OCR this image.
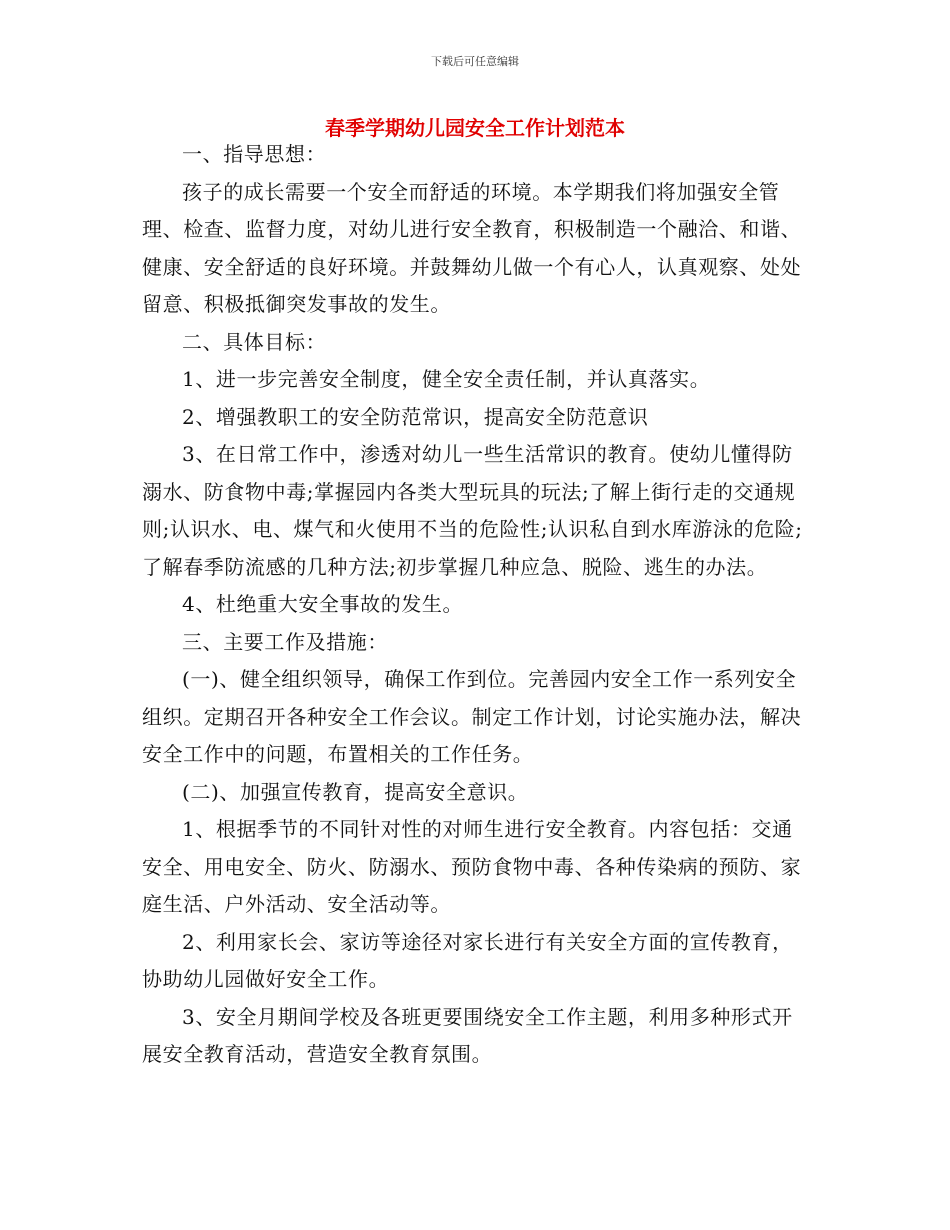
下载后可任意编辑
春季学期幼儿园安全工作计划范本

一、指导思想：

孩子的成长需要一个安全而舒适的环境。本学期我们将加强安全管理、检查、监督力度，对幼儿进行安全教育，积极制造一个融洽、和谐、健康、安全舒适的良好环境。并鼓舞幼儿做一个有心人，认真观察、处处留意、积极抵御突发事故的发生。

二、具体目标：

1、进一步完善安全制度，健全安全责任制，并认真落实。

2、增强教职工的安全防范常识，提高安全防范意识

3、在日常工作中，渗透对幼儿一些生活常识的教育。使幼儿懂得防溺水、防食物中毒;掌握园内各类大型玩具的玩法;了解上街行走的交通规则;认识水、电、煤气和火使用不当的危险性;认识私自到水库游泳的危险;了解春季防流感的几种方法;初步掌握几种应急、脱险、逃生的办法。

4、杜绝重大安全事故的发生。

三、主要工作及措施：

(一)、健全组织领导，确保工作到位。完善园内安全工作一系列安全组织。定期召开各种安全工作会议。制定工作计划，讨论实施办法，解决安全工作中的问题，布置相关的工作任务。

(二)、加强宣传教育，提高安全意识。

1、根据季节的不同针对性的对师生进行安全教育。内容包括：交通安全、用电安全、防火、防溺水、预防食物中毒、各种传染病的预防、家庭生活、户外活动、安全活动等。

2、利用家长会、家访等途径对家长进行有关安全方面的宣传教育，协助幼儿园做好安全工作。

3、安全月期间学校及各班更要围绕安全工作主题，利用多种形式开展安全教育活动，营造安全教育氛围。
